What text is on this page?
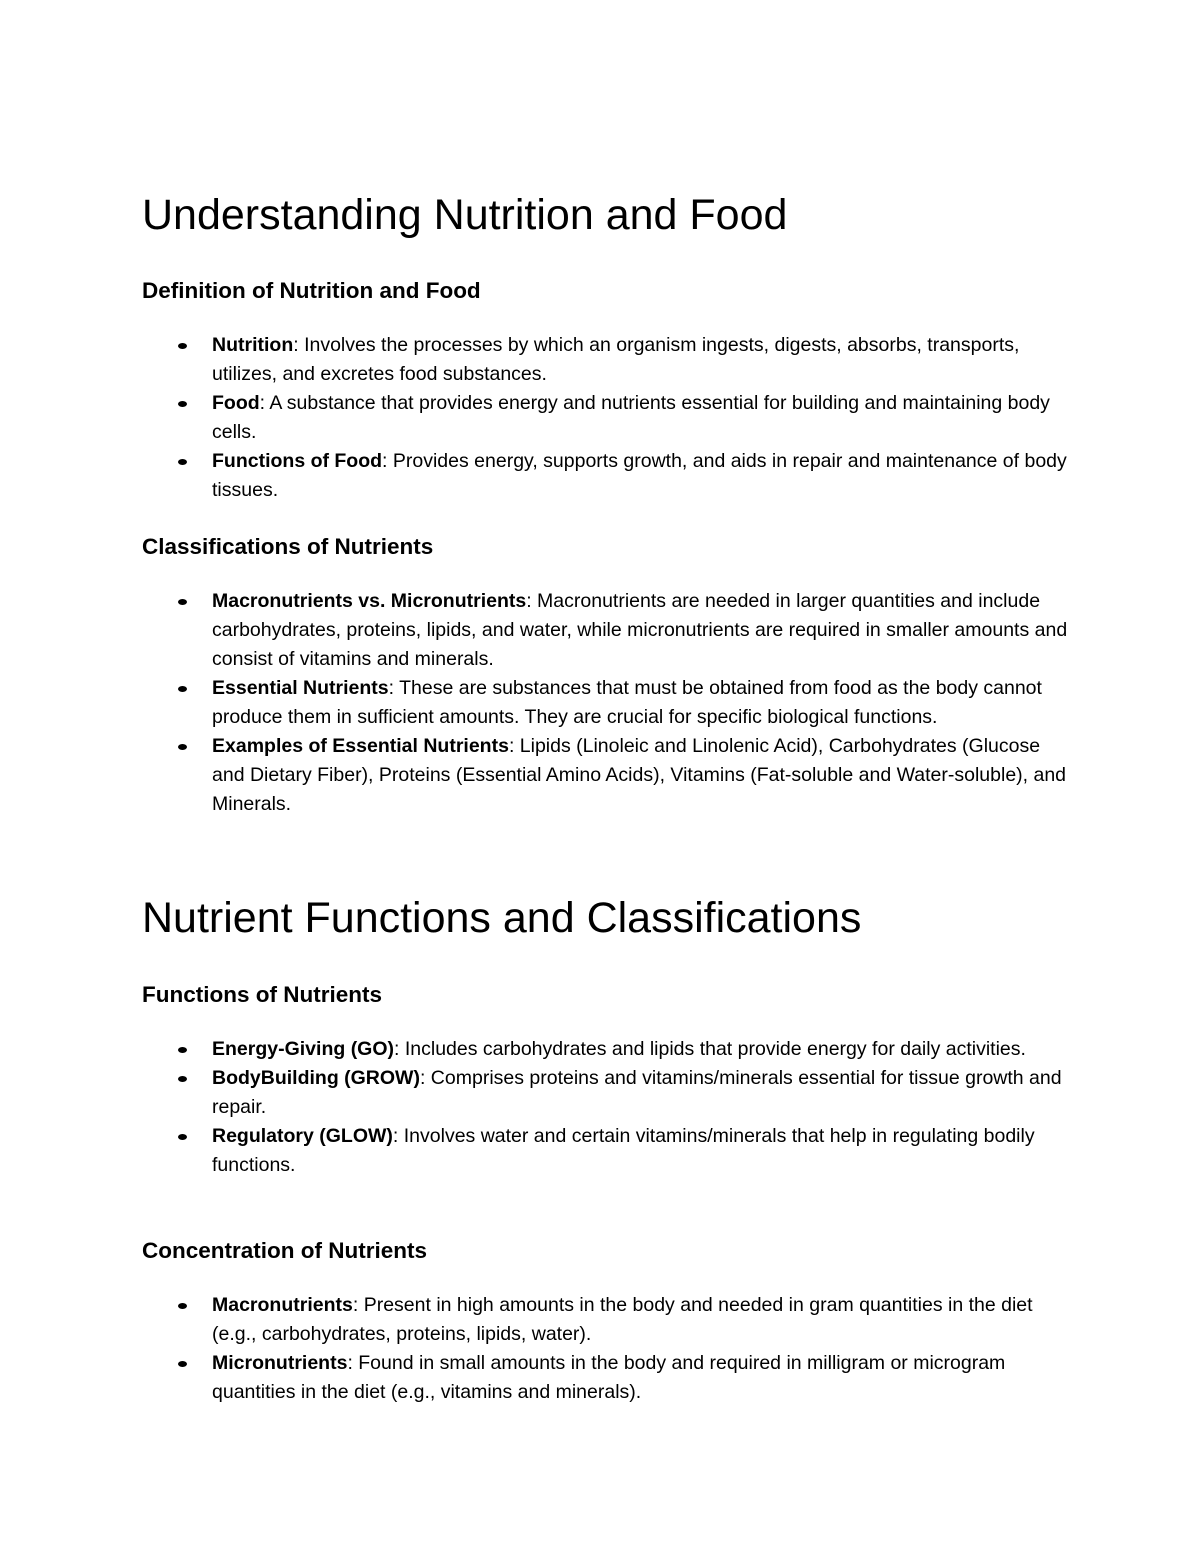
Understanding Nutrition and Food
Definition of Nutrition and Food
Nutrition: Involves the processes by which an organism ingests, digests, absorbs, transports, utilizes, and excretes food substances.
Food: A substance that provides energy and nutrients essential for building and maintaining body cells.
Functions of Food: Provides energy, supports growth, and aids in repair and maintenance of body tissues.
Classifications of Nutrients
Macronutrients vs. Micronutrients: Macronutrients are needed in larger quantities and include carbohydrates, proteins, lipids, and water, while micronutrients are required in smaller amounts and consist of vitamins and minerals.
Essential Nutrients: These are substances that must be obtained from food as the body cannot produce them in sufficient amounts. They are crucial for specific biological functions.
Examples of Essential Nutrients: Lipids (Linoleic and Linolenic Acid), Carbohydrates (Glucose and Dietary Fiber), Proteins (Essential Amino Acids), Vitamins (Fat-soluble and Water-soluble), and Minerals.
Nutrient Functions and Classifications
Functions of Nutrients
Energy-Giving (GO): Includes carbohydrates and lipids that provide energy for daily activities.
BodyBuilding (GROW): Comprises proteins and vitamins/minerals essential for tissue growth and repair.
Regulatory (GLOW): Involves water and certain vitamins/minerals that help in regulating bodily functions.
Concentration of Nutrients
Macronutrients: Present in high amounts in the body and needed in gram quantities in the diet (e.g., carbohydrates, proteins, lipids, water).
Micronutrients: Found in small amounts in the body and required in milligram or microgram quantities in the diet (e.g., vitamins and minerals).
